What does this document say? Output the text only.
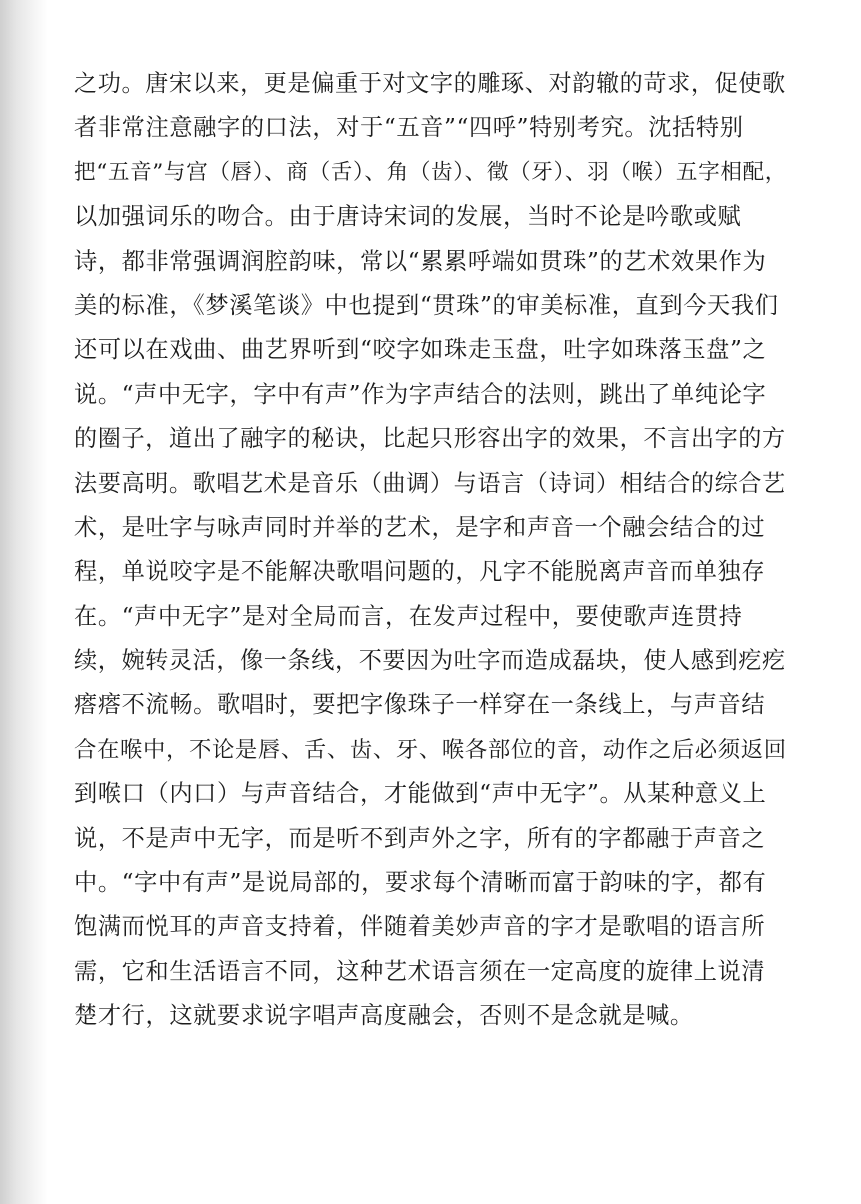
之功。唐宋以来，更是偏重于对文字的雕琢、对韵辙的苛求，促使歌
者非常注意融字的口法，对于“五音”“四呼”特别考究。沈括特别
把“五音”与宫（唇）、商（舌）、角（齿）、徵（牙）、羽（喉）五字相配，
以加强词乐的吻合。由于唐诗宋词的发展，当时不论是吟歌或赋
诗，都非常强调润腔韵味，常以“累累呼端如贯珠”的艺术效果作为
美的标准，《梦溪笔谈》中也提到“贯珠”的审美标准，直到今天我们
还可以在戏曲、曲艺界听到“咬字如珠走玉盘，吐字如珠落玉盘”之
说。“声中无字，字中有声”作为字声结合的法则，跳出了单纯论字
的圈子，道出了融字的秘诀，比起只形容出字的效果，不言出字的方
法要高明。歌唱艺术是音乐（曲调）与语言（诗词）相结合的综合艺
术，是吐字与咏声同时并举的艺术，是字和声音一个融会结合的过
程，单说咬字是不能解决歌唱问题的，凡字不能脱离声音而单独存
在。“声中无字”是对全局而言，在发声过程中，要使歌声连贯持
续，婉转灵活，像一条线，不要因为吐字而造成磊块，使人感到疙疙
瘩瘩不流畅。歌唱时，要把字像珠子一样穿在一条线上，与声音结
合在喉中，不论是唇、舌、齿、牙、喉各部位的音，动作之后必须返回
到喉口（内口）与声音结合，才能做到“声中无字”。从某种意义上
说，不是声中无字，而是听不到声外之字，所有的字都融于声音之
中。“字中有声”是说局部的，要求每个清晰而富于韵味的字，都有
饱满而悦耳的声音支持着，伴随着美妙声音的字才是歌唱的语言所
需，它和生活语言不同，这种艺术语言须在一定高度的旋律上说清
楚才行，这就要求说字唱声高度融会，否则不是念就是喊。
